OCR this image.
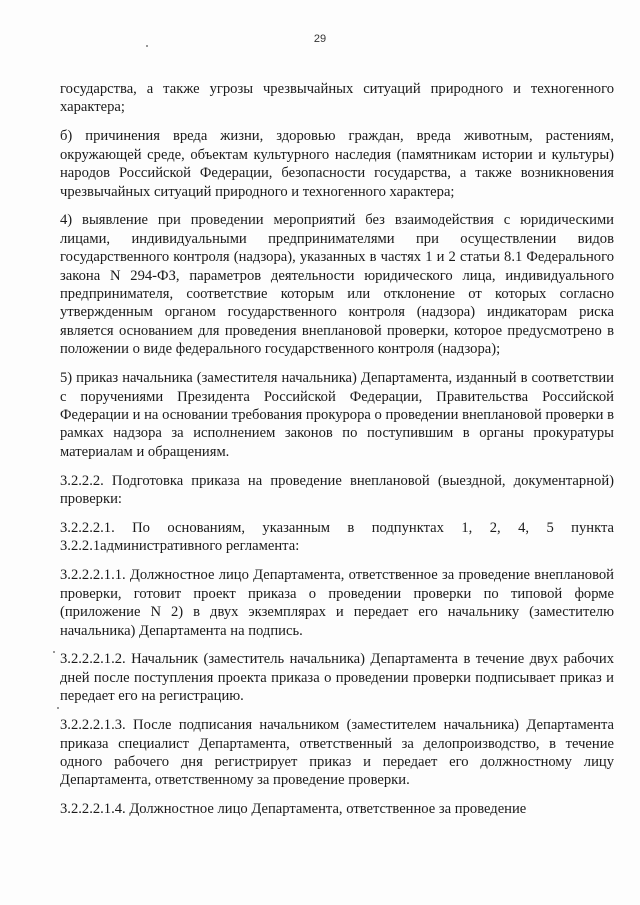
29

государства, а также угрозы чрезвычайных ситуаций природного и техногенного характера;

б) причинения вреда жизни, здоровью граждан, вреда животным, растениям, окружающей среде, объектам культурного наследия (памятникам истории и культуры) народов Российской Федерации, безопасности государства, а также возникновения чрезвычайных ситуаций природного и техногенного характера;

4) выявление при проведении мероприятий без взаимодействия с юридическими лицами, индивидуальными предпринимателями при осуществлении видов государственного контроля (надзора), указанных в частях 1 и 2 статьи 8.1 Федерального закона N 294-ФЗ, параметров деятельности юридического лица, индивидуального предпринимателя, соответствие которым или отклонение от которых согласно утвержденным органом государственного контроля (надзора) индикаторам риска является основанием для проведения внеплановой проверки, которое предусмотрено в положении о виде федерального государственного контроля (надзора);

5) приказ начальника (заместителя начальника) Департамента, изданный в соответствии с поручениями Президента Российской Федерации, Правительства Российской Федерации и на основании требования прокурора о проведении внеплановой проверки в рамках надзора за исполнением законов по поступившим в органы прокуратуры материалам и обращениям.

3.2.2.2. Подготовка приказа на проведение внеплановой (выездной, документарной) проверки:

3.2.2.2.1. По основаниям, указанным в подпунктах 1, 2, 4, 5 пункта 3.2.2.1административного регламента:

3.2.2.2.1.1. Должностное лицо Департамента, ответственное за проведение внеплановой проверки, готовит проект приказа о проведении проверки по типовой форме (приложение N 2) в двух экземплярах и передает его начальнику (заместителю начальника) Департамента на подпись.

3.2.2.2.1.2. Начальник (заместитель начальника) Департамента в течение двух рабочих дней после поступления проекта приказа о проведении проверки подписывает приказ и передает его на регистрацию.

3.2.2.2.1.3. После подписания начальником (заместителем начальника) Департамента приказа специалист Департамента, ответственный за делопроизводство, в течение одного рабочего дня регистрирует приказ и передает его должностному лицу Департамента, ответственному за проведение проверки.

3.2.2.2.1.4. Должностное лицо Департамента, ответственное за проведение
